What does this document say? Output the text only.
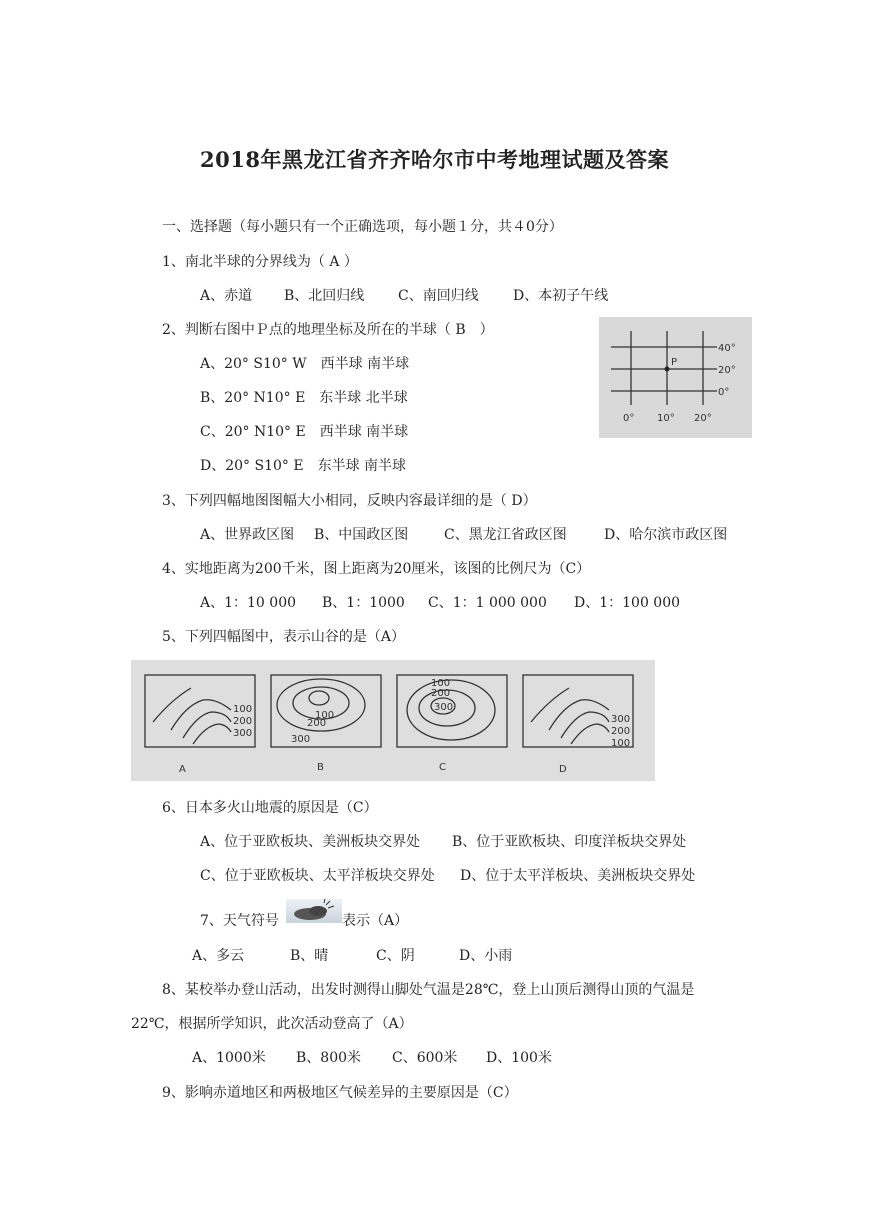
2018年黑龙江省齐齐哈尔市中考地理试题及答案
一、选择题（每小题只有一个正确选项，每小题１分，共４0分）
1、南北半球的分界线为（ A ）
A、赤道 B、北回归线 C、南回归线 D、本初子午线
2、判断右图中Ｐ点的地理坐标及所在的半球（ B　）
A、20° S10° W　西半球 南半球
B、20° N10° E　东半球 北半球
C、20° N10° E　西半球 南半球
D、20° S10° E　东半球 南半球
P
40°
20°
0°
0° 10° 20°
3、下列四幅地图图幅大小相同，反映内容最详细的是（ D）
A、世界政区图 B、中国政区图	C、黑龙江省政区图	D、哈尔滨市政区图
4、实地距离为200千米，图上距离为20厘米，该图的比例尺为（C）
A、1：10 000 B、1：1000 C、1：1 000 000 D、1：100 000
5、下列四幅图中，表示山谷的是（A）
100
200
300
100
200
300
100
200
300
300
200
100
A	B	C	D
6、日本多火山地震的原因是（C）
A、位于亚欧板块、美洲板块交界处 B、位于亚欧板块、印度洋板块交界处
C、位于亚欧板块、太平洋板块交界处 D、位于太平洋板块、美洲板块交界处
7、天气符号	表示（A）
A、多云	B、晴	C、阴	D、小雨
8、某校举办登山活动，出发时测得山脚处气温是28℃，登上山顶后测得山顶的气温是
22℃，根据所学知识，此次活动登高了（A）
A、1000米 B、800米 C、600米 D、100米
9、影响赤道地区和两极地区气候差异的主要原因是（C）
